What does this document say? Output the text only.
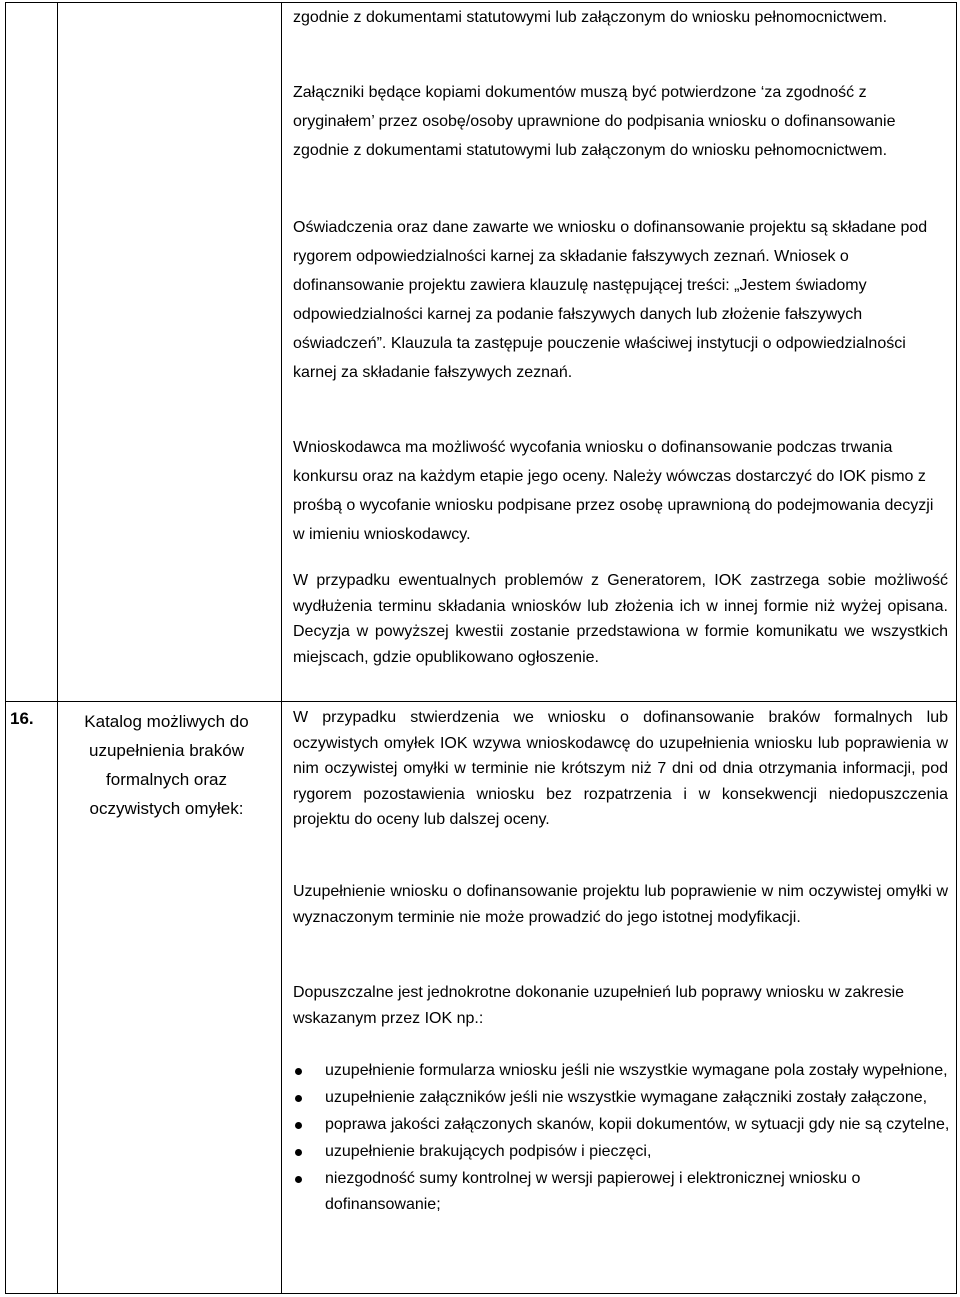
16.	Katalog możliwych do uzupełnienia braków formalnych oraz oczywistych omyłek:

zgodnie z dokumentami statutowymi lub załączonym do wniosku pełnomocnictwem.

Załączniki będące kopiami dokumentów muszą być potwierdzone ‘za zgodność z oryginałem’ przez osobę/osoby uprawnione do podpisania wniosku o dofinansowanie zgodnie z dokumentami statutowymi lub załączonym do wniosku pełnomocnictwem.

Oświadczenia oraz dane zawarte we wniosku o dofinansowanie projektu są składane pod rygorem odpowiedzialności karnej za składanie fałszywych zeznań. Wniosek o dofinansowanie projektu zawiera klauzulę następującej treści: „Jestem świadomy odpowiedzialności karnej za podanie fałszywych danych lub złożenie fałszywych oświadczeń”. Klauzula ta zastępuje pouczenie właściwej instytucji o odpowiedzialności karnej za składanie fałszywych zeznań.

Wnioskodawca ma możliwość wycofania wniosku o dofinansowanie podczas trwania konkursu oraz na każdym etapie jego oceny. Należy wówczas dostarczyć do IOK pismo z prośbą o wycofanie wniosku podpisane przez osobę uprawnioną do podejmowania decyzji w imieniu wnioskodawcy.

W przypadku ewentualnych problemów z Generatorem, IOK zastrzega sobie możliwość wydłużenia terminu składania wniosków lub złożenia ich w innej formie niż wyżej opisana. Decyzja w powyższej kwestii zostanie przedstawiona w formie komunikatu we wszystkich miejscach, gdzie opublikowano ogłoszenie.

W przypadku stwierdzenia we wniosku o dofinansowanie braków formalnych lub oczywistych omyłek IOK wzywa wnioskodawcę do uzupełnienia wniosku lub poprawienia w nim oczywistej omyłki w terminie nie krótszym niż 7 dni od dnia otrzymania informacji, pod rygorem pozostawienia wniosku bez rozpatrzenia i w konsekwencji niedopuszczenia projektu do oceny lub dalszej oceny.

Uzupełnienie wniosku o dofinansowanie projektu lub poprawienie w nim oczywistej omyłki w wyznaczonym terminie nie może prowadzić do jego istotnej modyfikacji.

Dopuszczalne jest jednokrotne dokonanie uzupełnień lub poprawy wniosku w zakresie wskazanym przez IOK np.:

uzupełnienie formularza wniosku jeśli nie wszystkie wymagane pola zostały wypełnione,
uzupełnienie załączników jeśli nie wszystkie wymagane załączniki zostały załączone,
poprawa jakości załączonych skanów, kopii dokumentów, w sytuacji gdy nie są czytelne,
uzupełnienie brakujących podpisów i pieczęci,
niezgodność sumy kontrolnej w wersji papierowej i elektronicznej wniosku o dofinansowanie;
